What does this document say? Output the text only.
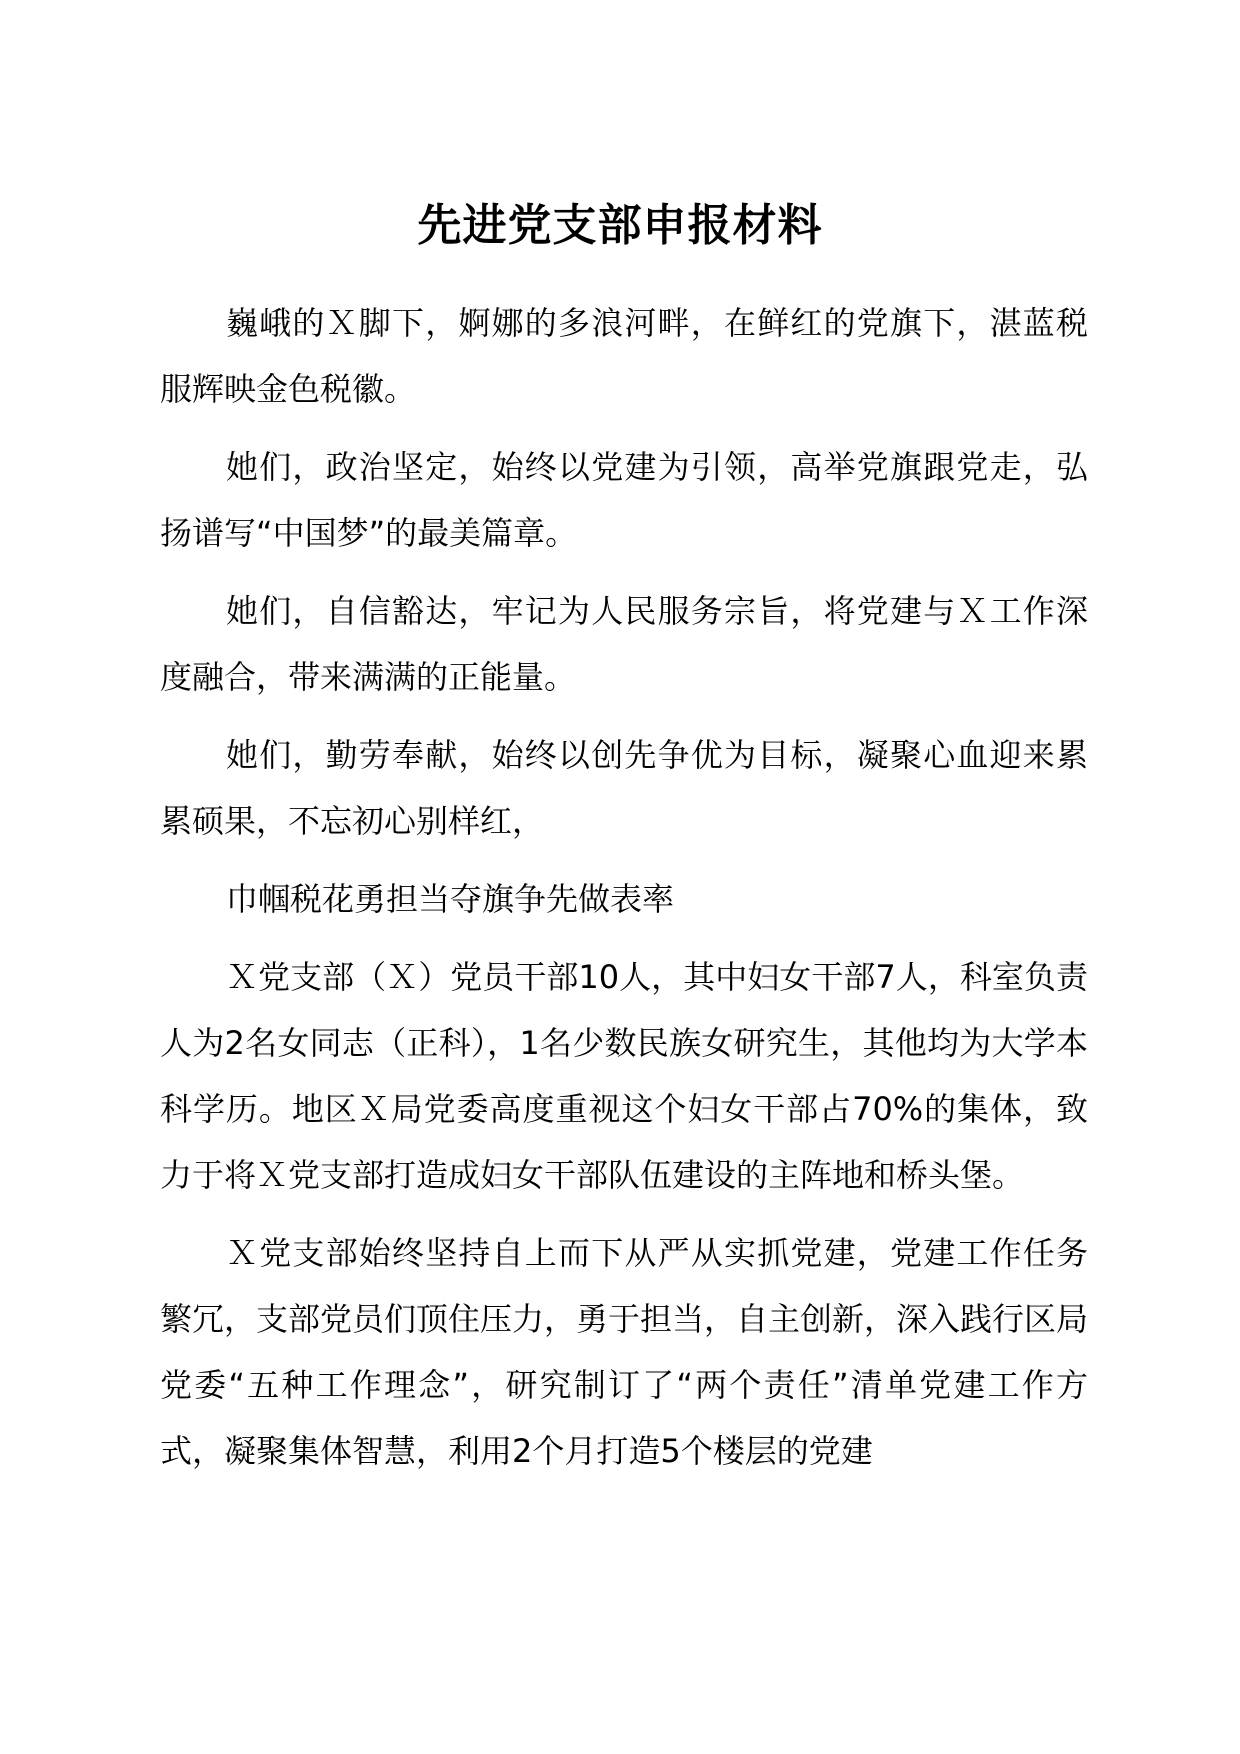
先进党支部申报材料

巍峨的Ｘ脚下，婀娜的多浪河畔，在鲜红的党旗下，湛蓝税服辉映金色税徽。

她们，政治坚定，始终以党建为引领，高举党旗跟党走，弘扬谱写“中国梦”的最美篇章。

她们，自信豁达，牢记为人民服务宗旨，将党建与Ｘ工作深度融合，带来满满的正能量。

她们，勤劳奉献，始终以创先争优为目标，凝聚心血迎来累累硕果，不忘初心别样红，

巾帼税花勇担当夺旗争先做表率

Ｘ党支部（Ｘ）党员干部10人，其中妇女干部7人，科室负责人为2名女同志（正科），1名少数民族女研究生，其他均为大学本科学历。地区Ｘ局党委高度重视这个妇女干部占70%的集体，致力于将Ｘ党支部打造成妇女干部队伍建设的主阵地和桥头堡。

Ｘ党支部始终坚持自上而下从严从实抓党建，党建工作任务繁冗，支部党员们顶住压力，勇于担当，自主创新，深入践行区局党委“五种工作理念”，研究制订了“两个责任”清单党建工作方式，凝聚集体智慧，利用2个月打造5个楼层的党建
